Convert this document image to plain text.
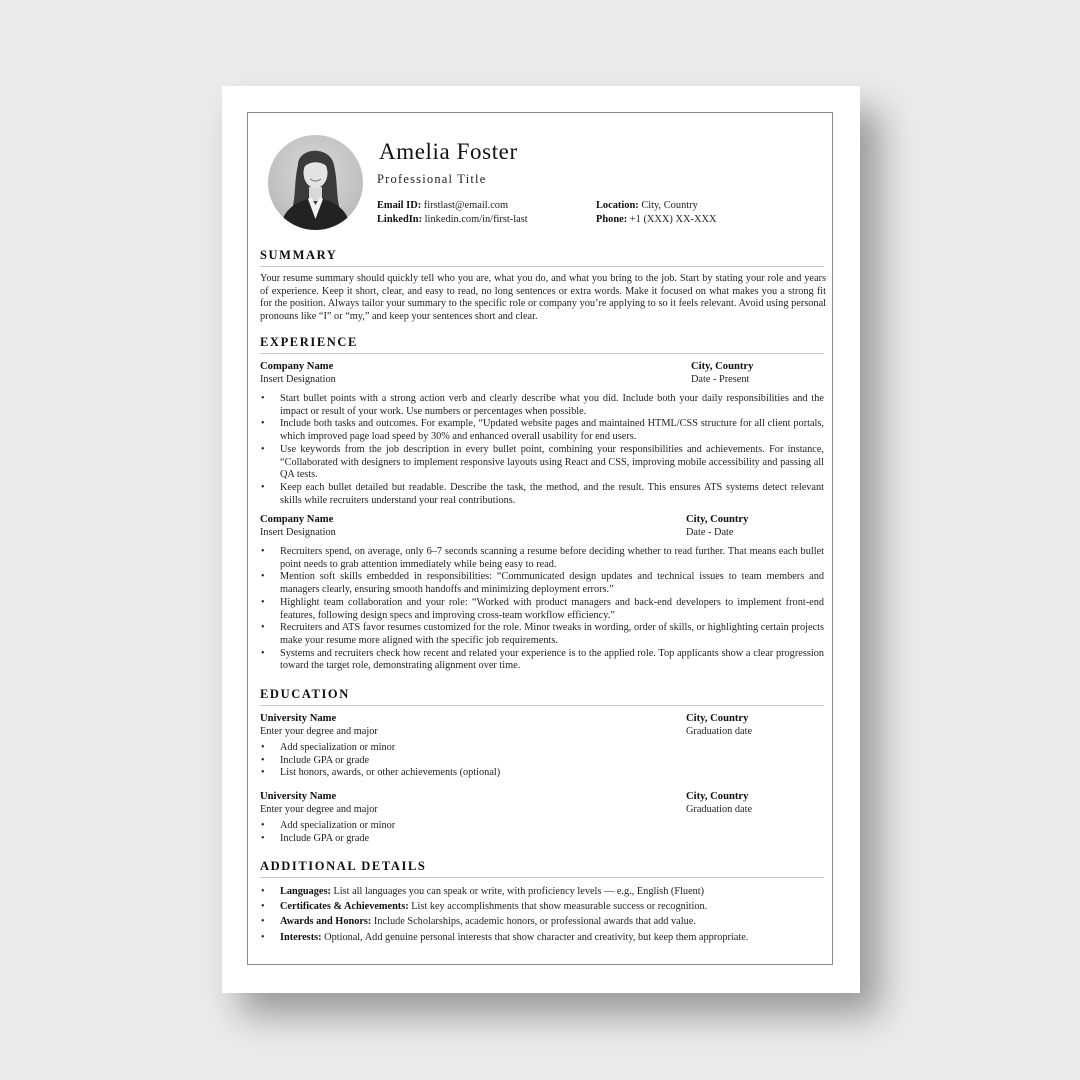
Amelia Foster
Professional Title
Email ID: firstlast@email.com
LinkedIn: linkedin.com/in/first-last
Location: City, Country
Phone: +1 (XXX) XX-XXX
SUMMARY
Your resume summary should quickly tell who you are, what you do, and what you bring to the job. Start by stating your role and years of experience. Keep it short, clear, and easy to read, no long sentences or extra words. Make it focused on what makes you a strong fit for the position. Always tailor your summary to the specific role or company you’re applying to so it feels relevant. Avoid using personal pronouns like “I” or “my,” and keep your sentences short and clear.
EXPERIENCE
Company Name
Insert Designation
City, Country
Date - Present
• Start bullet points with a strong action verb and clearly describe what you did. Include both your daily responsibilities and the impact or result of your work. Use numbers or percentages when possible.
• Include both tasks and outcomes. For example, “Updated website pages and maintained HTML/CSS structure for all client portals, which improved page load speed by 30% and enhanced overall usability for end users.
• Use keywords from the job description in every bullet point, combining your responsibilities and achievements. For instance, “Collaborated with designers to implement responsive layouts using React and CSS, improving mobile accessibility and passing all QA tests.
• Keep each bullet detailed but readable. Describe the task, the method, and the result. This ensures ATS systems detect relevant skills while recruiters understand your real contributions.
Company Name
Insert Designation
City, Country
Date - Date
• Recruiters spend, on average, only 6–7 seconds scanning a resume before deciding whether to read further. That means each bullet point needs to grab attention immediately while being easy to read.
• Mention soft skills embedded in responsibilities: “Communicated design updates and technical issues to team members and managers clearly, ensuring smooth handoffs and minimizing deployment errors.”
• Highlight team collaboration and your role: “Worked with product managers and back-end developers to implement front-end features, following design specs and improving cross-team workflow efficiency.”
• Recruiters and ATS favor resumes customized for the role. Minor tweaks in wording, order of skills, or highlighting certain projects make your resume more aligned with the specific job requirements.
• Systems and recruiters check how recent and related your experience is to the applied role. Top applicants show a clear progression toward the target role, demonstrating alignment over time.
EDUCATION
University Name
Enter your degree and major
City, Country
Graduation date
• Add specialization or minor
• Include GPA or grade
• List honors, awards, or other achievements (optional)
University Name
Enter your degree and major
City, Country
Graduation date
• Add specialization or minor
• Include GPA or grade
ADDITIONAL DETAILS
• Languages: List all languages you can speak or write, with proficiency levels — e.g., English (Fluent)
• Certificates & Achievements: List key accomplishments that show measurable success or recognition.
• Awards and Honors: Include Scholarships, academic honors, or professional awards that add value.
• Interests: Optional, Add genuine personal interests that show character and creativity, but keep them appropriate.
